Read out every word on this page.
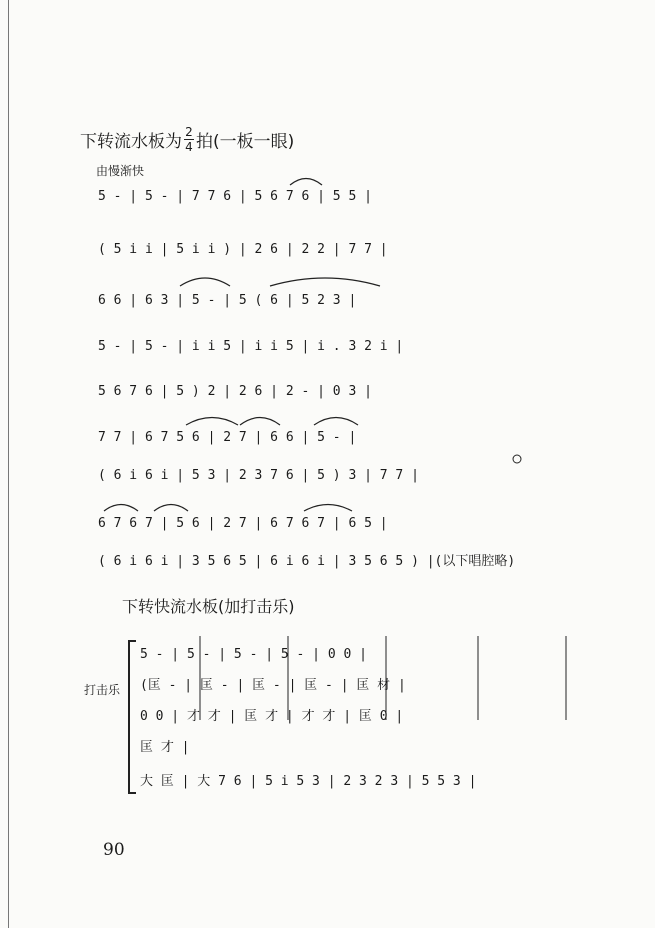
下转流水板为 $\frac{2}{4}$ 拍(一板一眼)
由慢渐快
5 - | 5 - | 7 7 6 | 5 6 7 6 | 5 5 |
( 5 i i | 5 i i ) | 2 6 | 2 2 | 7 7 |
6 6 | 6 3 | 5 - | 5 ( 6 | 5 2 3 |
5 - | 5 - | i i 5 | i i 5 | i . 3 2 i |
5 6 7 6 | 5 ) 2 | 2 6 | 2 - | 0 3 |
7 7 | 6 7 5 6 | 2 7 | 6 6 | 5 - |
( 6 i 6 i | 5 3 | 2 3 7 6 | 5 ) 3 | 7 7 |
6 7 6 7 | 5 6 | 2 7 | 6 7 6 7 | 6 5 |
( 6 i 6 i | 3 5 6 5 | 6 i 6 i | 3 5 6 5 ) |(以下唱腔略)
下转快流水板(加打击乐)
打击乐
5 - | 5 - | 5 - | 5 - | 0 0 |
(匡 - | 匡 - | 匡 - | 匡 - | 匡 材 |
0 0 | 才 才 | 匡 才 | 才 才 | 匡 0 |
匡 才 |
大 匡 | 大 7 6 | 5 i 5 3 | 2 3 2 3 | 5 5 3 |
90
